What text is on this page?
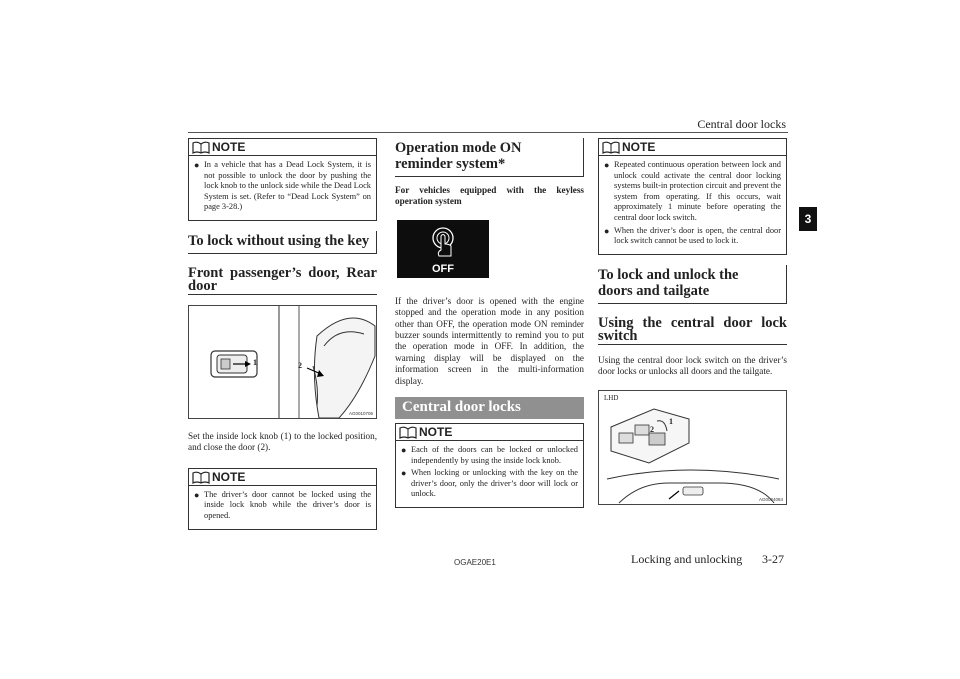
Central door locks
3
NOTE
● In a vehicle that has a Dead Lock System, it is not possible to unlock the door by pushing the lock knob to the unlock side while the Dead Lock System is set. (Refer to “Dead Lock System” on page 3-28.)
To lock without using the key
Front passenger’s door, Rear
door
1	2
AG0010706
Set the inside lock knob (1) to the locked position, and close the door (2).
NOTE
● The driver’s door cannot be locked using the inside lock knob while the driver’s door is opened.
Operation mode ON reminder system*
For vehicles equipped with the keyless operation system
OFF
If the driver’s door is opened with the engine stopped and the operation mode in any position other than OFF, the operation mode ON reminder buzzer sounds intermittently to remind you to put the operation mode in OFF. In addition, the warning display will be displayed on the information screen in the multi-information display.
Central door locks
NOTE
● Each of the doors can be locked or unlocked independently by using the inside lock knob.
● When locking or unlocking with the key on the driver’s door, only the driver’s door will lock or unlock.
NOTE
● Repeated continuous operation between lock and unlock could activate the central door locking systems built-in protection circuit and prevent the system from operating. If this occurs, wait approximately 1 minute before operating the central door lock switch.
● When the driver’s door is open, the central door lock switch cannot be used to lock it.
To lock and unlock the doors and tailgate
Using the central door lock
switch
Using the central door lock switch on the driver’s door locks or unlocks all doors and the tailgate.
LHD
1
2
AG0024084
OGAE20E1	Locking and unlocking 3-27
